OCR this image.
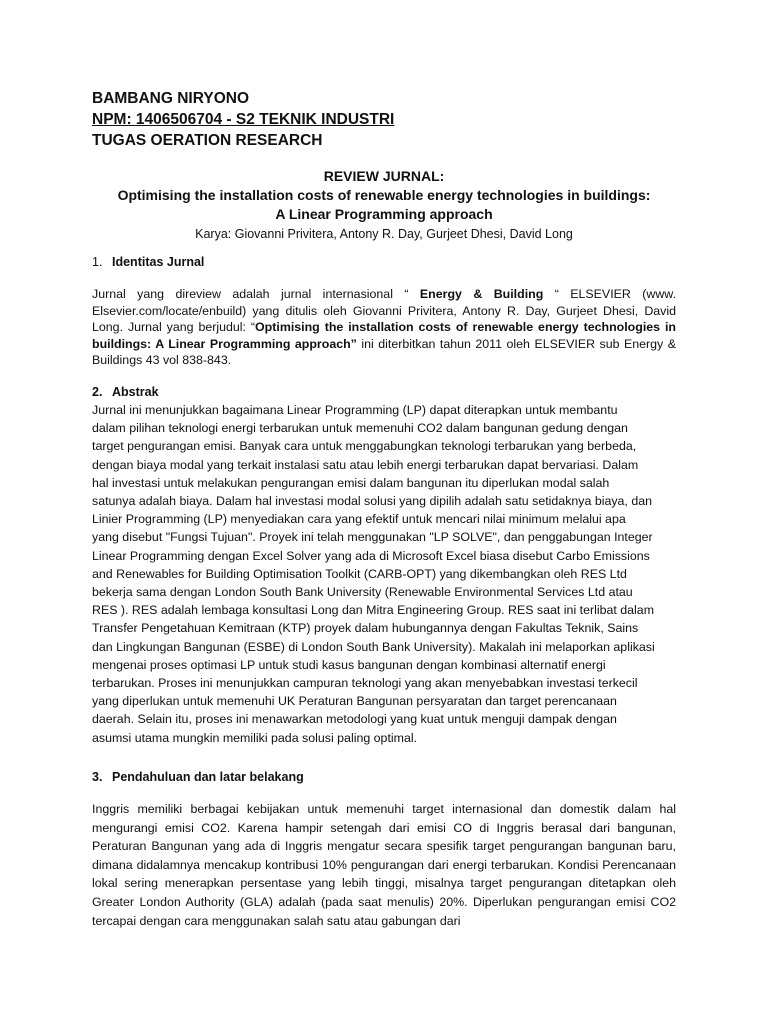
BAMBANG NIRYONO
NPM: 1406506704 - S2 TEKNIK INDUSTRI
TUGAS OERATION RESEARCH
REVIEW JURNAL:
Optimising the installation costs of renewable energy technologies in buildings:
A Linear Programming approach
Karya: Giovanni Privitera, Antony R. Day, Gurjeet Dhesi, David Long
1. Identitas Jurnal
Jurnal yang direview adalah jurnal internasional “ Energy & Building “ ELSEVIER (www. Elsevier.com/locate/enbuild) yang ditulis oleh Giovanni Privitera, Antony R. Day, Gurjeet Dhesi, David Long. Jurnal yang berjudul: “Optimising the installation costs of renewable energy technologies in buildings: A Linear Programming approach” ini diterbitkan tahun 2011 oleh ELSEVIER sub Energy & Buildings 43 vol 838-843.
2. Abstrak
Jurnal ini menunjukkan bagaimana Linear Programming (LP) dapat diterapkan untuk membantu
dalam pilihan teknologi energi terbarukan untuk memenuhi CO2 dalam bangunan gedung dengan
target pengurangan emisi. Banyak cara untuk menggabungkan teknologi terbarukan yang berbeda,
dengan biaya modal yang terkait instalasi satu atau lebih energi terbarukan dapat bervariasi. Dalam
hal investasi untuk melakukan pengurangan emisi dalam bangunan itu diperlukan modal salah
satunya adalah biaya. Dalam hal investasi modal solusi yang dipilih adalah satu setidaknya biaya, dan
Linier Programming (LP) menyediakan cara yang efektif untuk mencari nilai minimum melalui apa
yang disebut "Fungsi Tujuan". Proyek ini telah menggunakan "LP SOLVE", dan penggabungan Integer
Linear Programming dengan Excel Solver yang ada di Microsoft Excel biasa disebut Carbo Emissions
and Renewables for Building Optimisation Toolkit (CARB-OPT) yang dikembangkan oleh RES Ltd
bekerja sama dengan London South Bank University (Renewable Environmental Services Ltd atau
RES ). RES adalah lembaga konsultasi Long dan Mitra Engineering Group. RES saat ini terlibat dalam
Transfer Pengetahuan Kemitraan (KTP) proyek dalam hubungannya dengan Fakultas Teknik, Sains
dan Lingkungan Bangunan (ESBE) di London South Bank University). Makalah ini melaporkan aplikasi
mengenai proses optimasi LP untuk studi kasus bangunan dengan kombinasi alternatif energi
terbarukan. Proses ini menunjukkan campuran teknologi yang akan menyebabkan investasi terkecil
yang diperlukan untuk memenuhi UK Peraturan Bangunan persyaratan dan target perencanaan
daerah. Selain itu, proses ini menawarkan metodologi yang kuat untuk menguji dampak dengan
asumsi utama mungkin memiliki pada solusi paling optimal.
3. Pendahuluan dan latar belakang
Inggris memiliki berbagai kebijakan untuk memenuhi target internasional dan domestik dalam hal mengurangi emisi CO2. Karena hampir setengah dari emisi CO di Inggris berasal dari bangunan, Peraturan Bangunan yang ada di Inggris mengatur secara spesifik target pengurangan bangunan baru, dimana didalamnya mencakup kontribusi 10% pengurangan dari energi terbarukan. Kondisi Perencanaan lokal sering menerapkan persentase yang lebih tinggi, misalnya target pengurangan ditetapkan oleh Greater London Authority (GLA) adalah (pada saat menulis) 20%. Diperlukan pengurangan emisi CO2 tercapai dengan cara menggunakan salah satu atau gabungan dari
